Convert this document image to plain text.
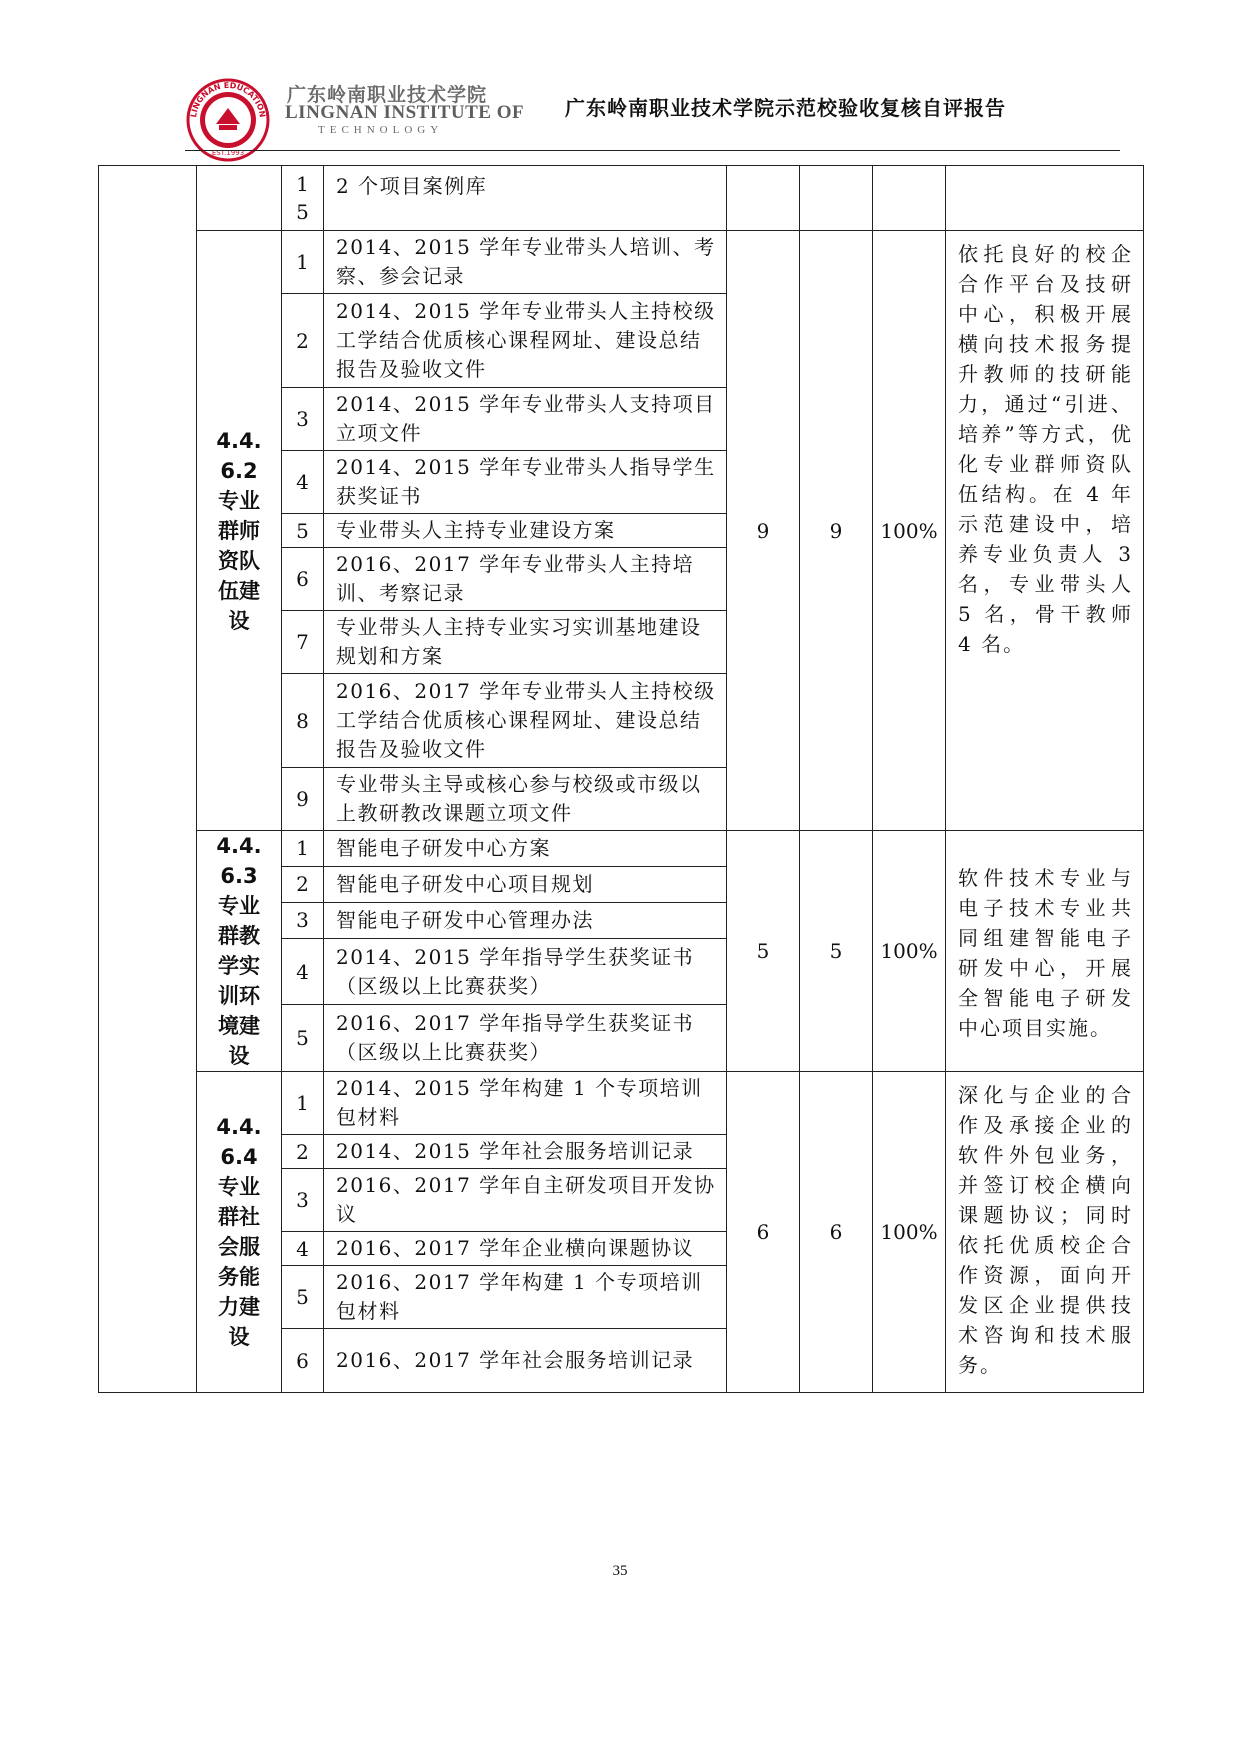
LINGNAN EDUCATION
EST.1993
广东岭南职业技术学院
LINGNAN INSTITUTE OF
TECHNOLOGY
广东岭南职业技术学院示范校验收复核自评报告
		15	2 个项目案例库				
	4.4.6.2 专业群师资队伍建设	1	2014、2015 学年专业带头人培训、考察、参会记录	9	9	100%	依托良好的校企合作平台及技研中心，积极开展横向技术报务提升教师的技研能力，通过“引进、培养”等方式，优化专业群师资队伍结构。在 4 年示范建设中，培养专业负责人 3 名，专业带头人 5 名，骨干教师 4 名。
		2	2014、2015 学年专业带头人主持校级工学结合优质核心课程网址、建设总结报告及验收文件				
		3	2014、2015 学年专业带头人支持项目立项文件				
		4	2014、2015 学年专业带头人指导学生获奖证书				
		5	专业带头人主持专业建设方案				
		6	2016、2017 学年专业带头人主持培训、考察记录				
		7	专业带头人主持专业实习实训基地建设规划和方案				
		8	2016、2017 学年专业带头人主持校级工学结合优质核心课程网址、建设总结报告及验收文件				
		9	专业带头主导或核心参与校级或市级以上教研教改课题立项文件				
	4.4.6.3 专业群教学实训环境建设	1	智能电子研发中心方案	5	5	100%	软件技术专业与电子技术专业共同组建智能电子研发中心，开展全智能电子研发中心项目实施。
		2	智能电子研发中心项目规划				
		3	智能电子研发中心管理办法				
		4	2014、2015 学年指导学生获奖证书（区级以上比赛获奖）				
		5	2016、2017 学年指导学生获奖证书（区级以上比赛获奖）				
	4.4.6.4 专业群社会服务能力建设	1	2014、2015 学年构建 1 个专项培训包材料	6	6	100%	深化与企业的合作及承接企业的软件外包业务，并签订校企横向课题协议；同时依托优质校企合作资源，面向开发区企业提供技术咨询和技术服务。
		2	2014、2015 学年社会服务培训记录				
		3	2016、2017 学年自主研发项目开发协议				
		4	2016、2017 学年企业横向课题协议				
		5	2016、2017 学年构建 1 个专项培训包材料				
		6	2016、2017 学年社会服务培训记录				
35
